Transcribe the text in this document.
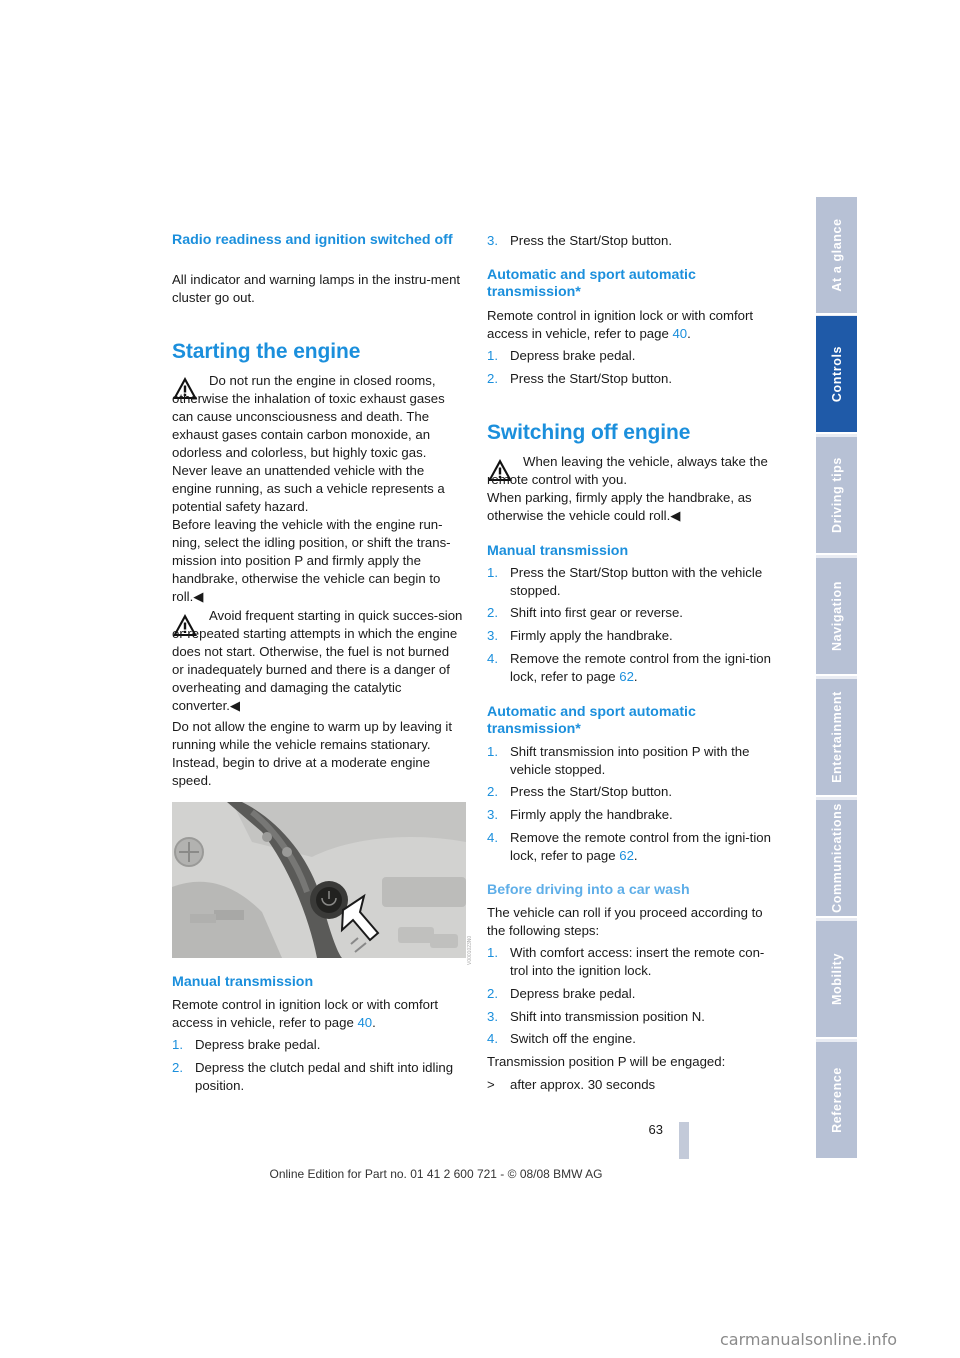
Radio readiness and ignition switched off

All indicator and warning lamps in the instru-ment cluster go out.

Starting the engine

Do not run the engine in closed rooms, otherwise the inhalation of toxic exhaust gases can cause unconsciousness and death. The exhaust gases contain carbon monoxide, an odorless and colorless, but highly toxic gas. Never leave an unattended vehicle with the engine running, as such a vehicle represents a potential safety hazard.

Before leaving the vehicle with the engine run-ning, select the idling position, or shift the trans-mission into position P and firmly apply the handbrake, otherwise the vehicle can begin to roll.◀

Avoid frequent starting in quick succes-sion or repeated starting attempts in which the engine does not start. Otherwise, the fuel is not burned or inadequately burned and there is a danger of overheating and damaging the catalytic converter.◀

Do not allow the engine to warm up by leaving it running while the vehicle remains stationary. Instead, begin to drive at a moderate engine speed.

V0001023N0
Manual transmission

Remote control in ignition lock or with comfort access in vehicle, refer to page 40.

1. Depress brake pedal.
2. Depress the clutch pedal and shift into idling position.
3. Press the Start/Stop button.
Automatic and sport automatic transmission*

Remote control in ignition lock or with comfort access in vehicle, refer to page 40.

1. Depress brake pedal.
2. Press the Start/Stop button.
Switching off engine

When leaving the vehicle, always take the remote control with you.

When parking, firmly apply the handbrake, as otherwise the vehicle could roll.◀

Manual transmission
1. Press the Start/Stop button with the vehicle stopped.
2. Shift into first gear or reverse.
3. Firmly apply the handbrake.
4. Remove the remote control from the igni-tion lock, refer to page 62.
Automatic and sport automatic transmission*
1. Shift transmission into position P with the vehicle stopped.
2. Press the Start/Stop button.
3. Firmly apply the handbrake.
4. Remove the remote control from the igni-tion lock, refer to page 62.
Before driving into a car wash

The vehicle can roll if you proceed according to the following steps:

1. With comfort access: insert the remote con-trol into the ignition lock.
2. Depress brake pedal.
3. Shift into transmission position N.
4. Switch off the engine.

Transmission position P will be engaged:

> after approx. 30 seconds
At a glance
Controls
Driving tips
Navigation
Entertainment
Communications
Mobility
Reference
63
Online Edition for Part no. 01 41 2 600 721 - © 08/08 BMW AG
carmanualsonline.info
